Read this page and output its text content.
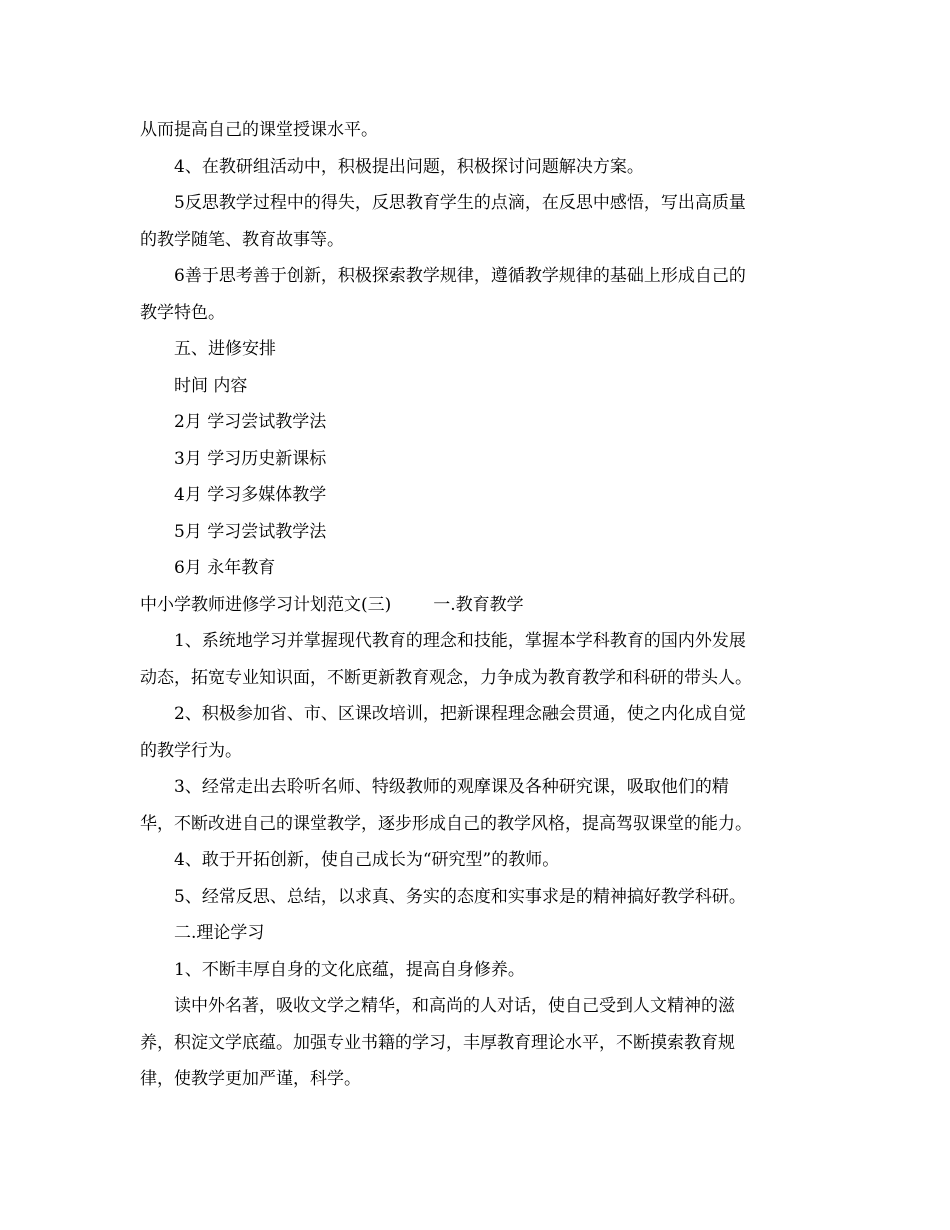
从而提高自己的课堂授课水平。
4、在教研组活动中，积极提出问题，积极探讨问题解决方案。
5反思教学过程中的得失，反思教育学生的点滴，在反思中感悟，写出高质量
的教学随笔、教育故事等。
6善于思考善于创新，积极探索教学规律，遵循教学规律的基础上形成自己的
教学特色。
五、进修安排
时间 内容
2月 学习尝试教学法
3月 学习历史新课标
4月 学习多媒体教学
5月 学习尝试教学法
6月 永年教育
中小学教师进修学习计划范文(三) 一.教育教学
1、系统地学习并掌握现代教育的理念和技能，掌握本学科教育的国内外发展
动态，拓宽专业知识面，不断更新教育观念，力争成为教育教学和科研的带头人。
2、积极参加省、市、区课改培训，把新课程理念融会贯通，使之内化成自觉
的教学行为。
3、经常走出去聆听名师、特级教师的观摩课及各种研究课，吸取他们的精
华，不断改进自己的课堂教学，逐步形成自己的教学风格，提高驾驭课堂的能力。
4、敢于开拓创新，使自己成长为“研究型”的教师。
5、经常反思、总结，以求真、务实的态度和实事求是的精神搞好教学科研。
二.理论学习
1、不断丰厚自身的文化底蕴，提高自身修养。
读中外名著，吸收文学之精华，和高尚的人对话，使自己受到人文精神的滋
养，积淀文学底蕴。加强专业书籍的学习，丰厚教育理论水平，不断摸索教育规
律，使教学更加严谨，科学。
